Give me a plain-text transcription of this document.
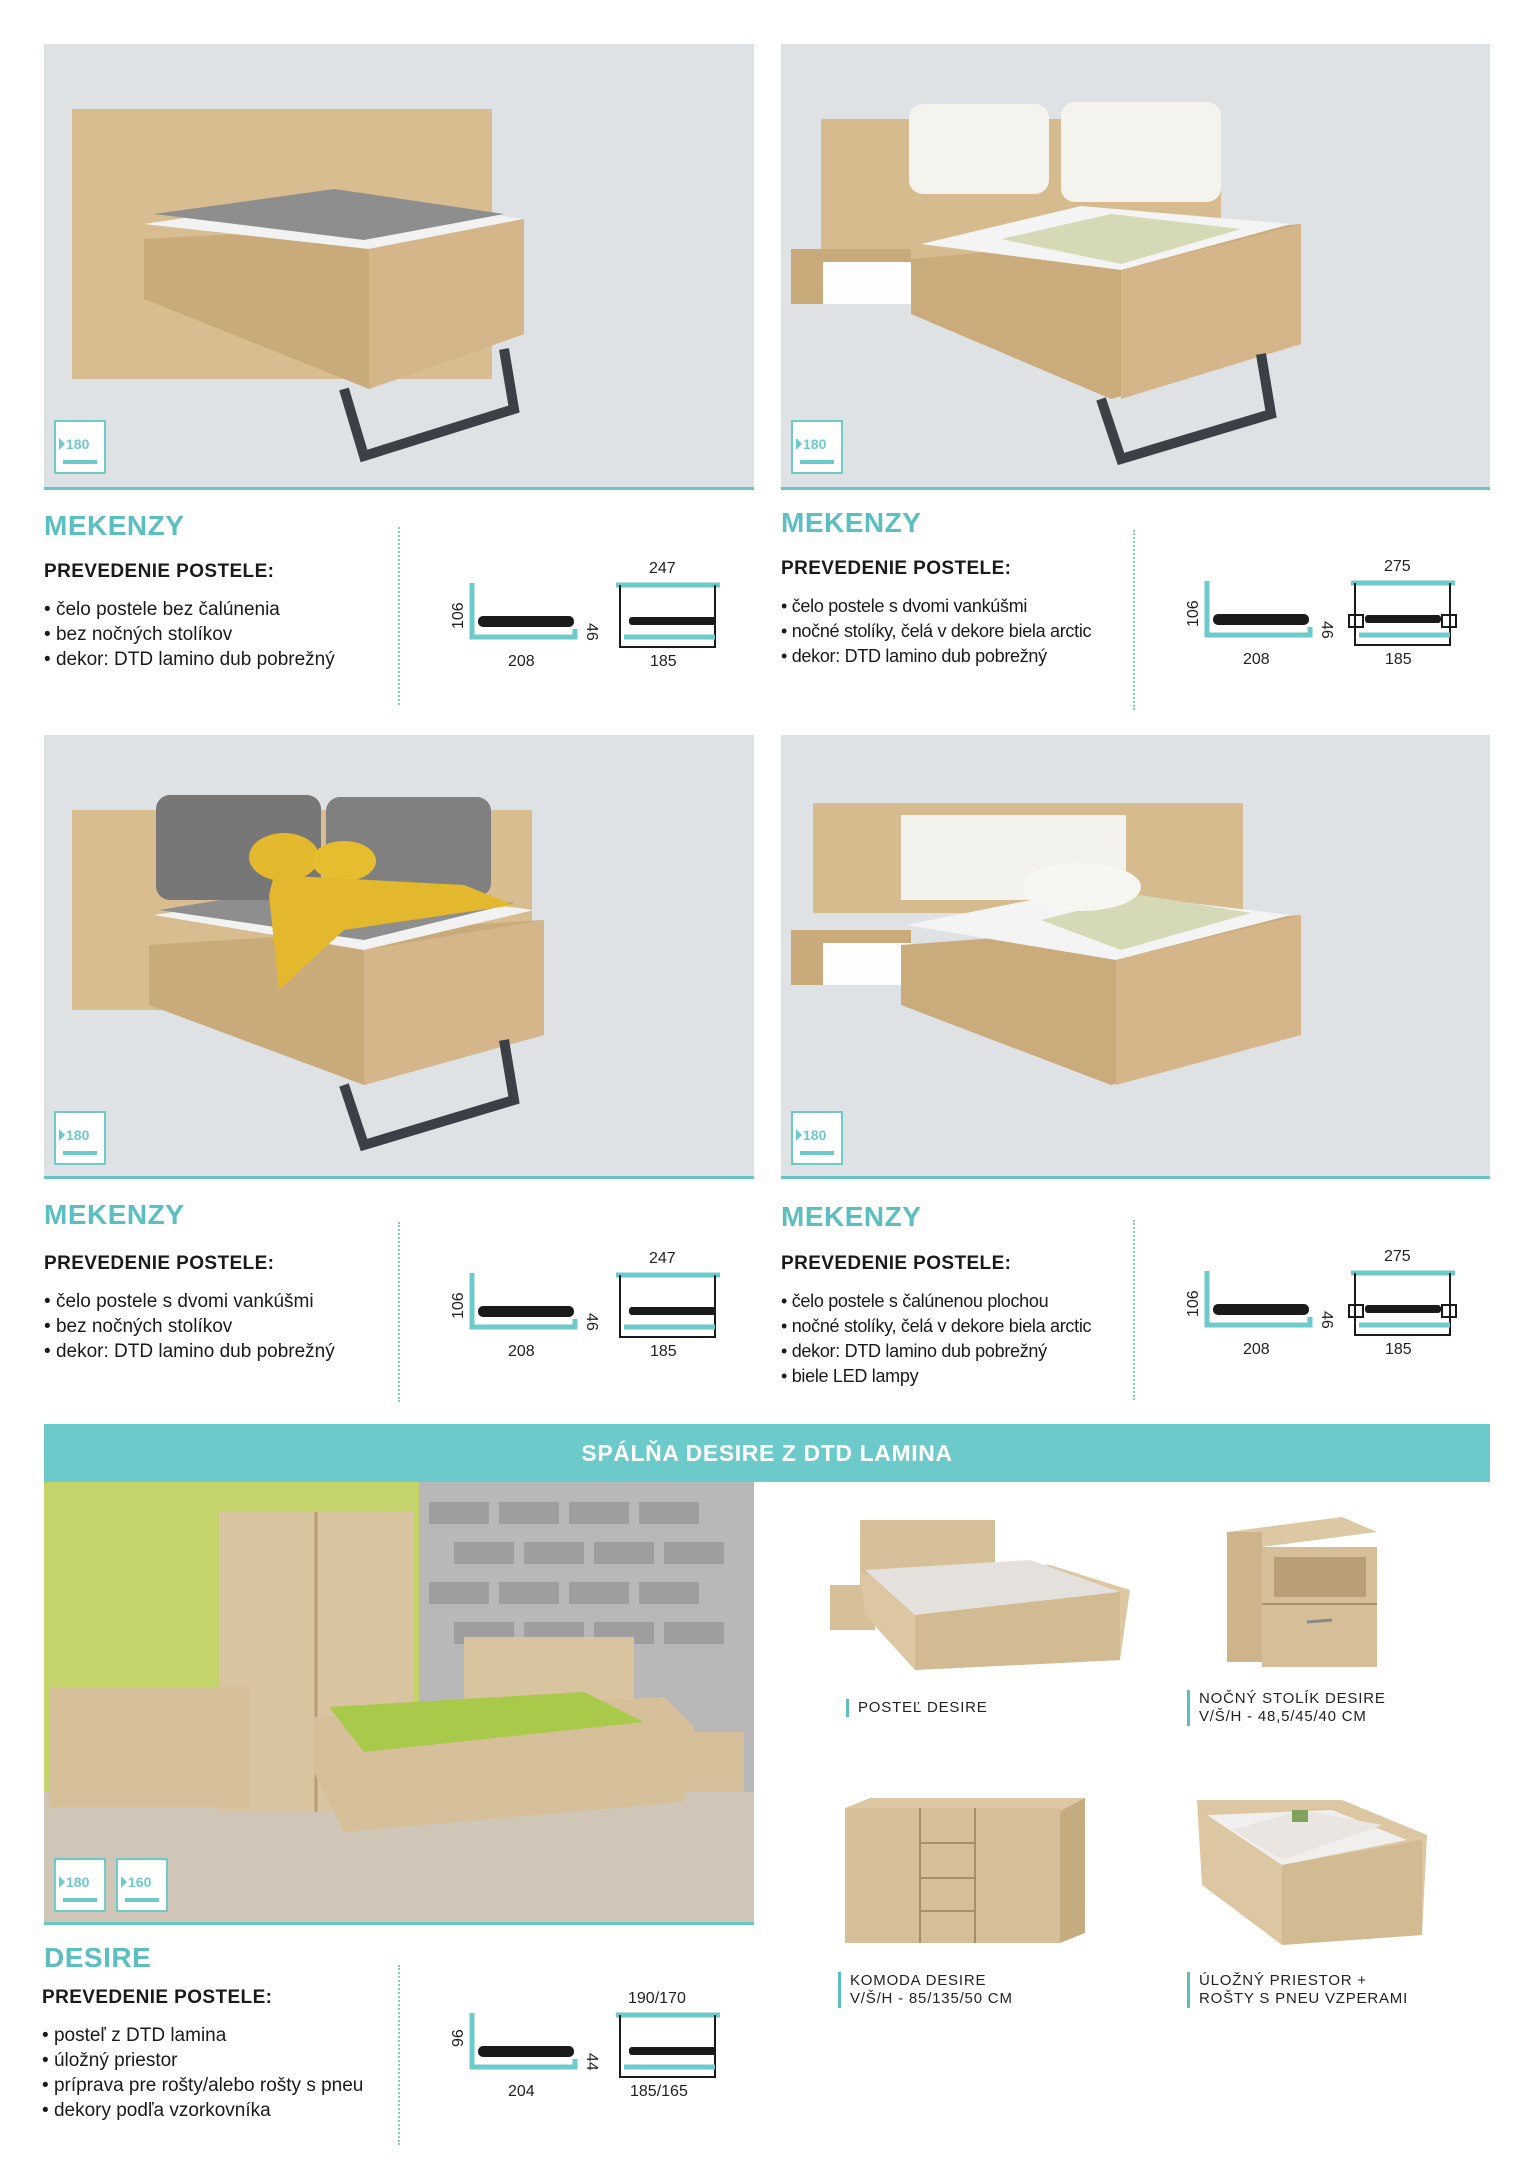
180
MEKENZY
PREVEDENIE POSTELE:
• čelo postele bez čalúnenia
• bez nočných stolíkov
• dekor: DTD lamino dub pobrežný
106
208
46
247
185
180
MEKENZY
PREVEDENIE POSTELE:
• čelo postele s dvomi vankúšmi
• nočné stolíky, čelá v dekore biela arctic
• dekor: DTD lamino dub pobrežný
106
208
46
275
185
180
MEKENZY
PREVEDENIE POSTELE:
• čelo postele s dvomi vankúšmi
• bez nočných stolíkov
• dekor: DTD lamino dub pobrežný
106
208
46
247
185
180
MEKENZY
PREVEDENIE POSTELE:
• čelo postele s čalúnenou plochou
• nočné stolíky, čelá v dekore biela arctic
• dekor: DTD lamino dub pobrežný
• biele LED lampy
106
208
46
275
185
SPÁLŇA DESIRE Z DTD LAMINA
180	160
POSTEĽ DESIRE
NOČNÝ STOLÍK DESIRE
V/Š/H - 48,5/45/40 CM
KOMODA DESIRE
V/Š/H - 85/135/50 CM
ÚLOŽNÝ PRIESTOR +
ROŠTY S PNEU VZPERAMI
DESIRE
PREVEDENIE POSTELE:
• posteľ z DTD lamina
• úložný priestor
• príprava pre rošty/alebo rošty s pneu
• dekory podľa vzorkovníka
96
204
44
190/170
185/165
